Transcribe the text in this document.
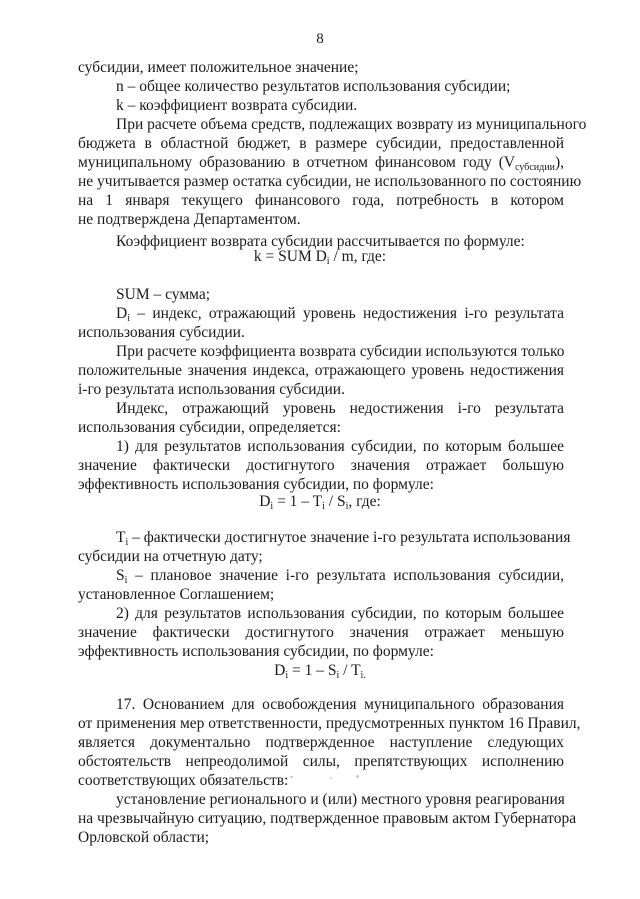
8
субсидии, имеет положительное значение;
n – общее количество результатов использования субсидии;
k – коэффициент возврата субсидии.
При расчете объема средств, подлежащих возврату из муниципального
бюджета в областной бюджет, в размере субсидии, предоставленной
муниципальному образованию в отчетном финансовом году $(V_{субсидии})$,
не учитывается размер остатка субсидии, не использованного по состоянию
на 1 января текущего финансового года, потребность в котором
не подтверждена Департаментом.
Коэффициент возврата субсидии рассчитывается по формуле:
k = SUM $D_i$ / m, где:
SUM – сумма;
$D_i$ – индекс, отражающий уровень недостижения i-го результата
использования субсидии.
При расчете коэффициента возврата субсидии используются только
положительные значения индекса, отражающего уровень недостижения
i-го результата использования субсидии.
Индекс, отражающий уровень недостижения i-го результата
использования субсидии, определяется:
1) для результатов использования субсидии, по которым большее
значение фактически достигнутого значения отражает большую
эффективность использования субсидии, по формуле:
$D_i = 1 - T_i / S_i$, где:
$T_i$ – фактически достигнутое значение i-го результата использования
субсидии на отчетную дату;
$S_i$ – плановое значение i-го результата использования субсидии,
установленное Соглашением;
2) для результатов использования субсидии, по которым большее
значение фактически достигнутого значения отражает меньшую
эффективность использования субсидии, по формуле:
$D_i = 1 - S_i / T_{i.}$
17. Основанием для освобождения муниципального образования
от применения мер ответственности, предусмотренных пунктом 16 Правил,
является документально подтвержденное наступление следующих
обстоятельств непреодолимой силы, препятствующих исполнению
соответствующих обязательств:
установление регионального и (или) местного уровня реагирования
на чрезвычайную ситуацию, подтвержденное правовым актом Губернатора
Орловской области;
